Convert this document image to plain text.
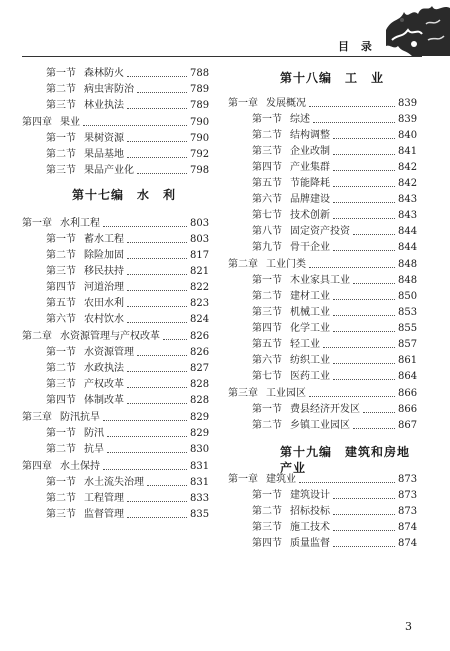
目 录
第一节 森林防火	788
第二节 病虫害防治	789
第三节 林业执法	789
第四章 果业	790
第一节 果树资源	790
第二节 果品基地	792
第三节 果品产业化	798
第十七编　水　利
第一章 水利工程	803
第一节 蓄水工程	803
第二节 除险加固	817
第三节 移民扶持	821
第四节 河道治理	822
第五节 农田水利	823
第六节 农村饮水	824
第二章 水资源管理与产权改革	826
第一节 水资源管理	826
第二节 水政执法	827
第三节 产权改革	828
第四节 体制改革	828
第三章 防汛抗旱	829
第一节 防汛	829
第二节 抗旱	830
第四章 水土保持	831
第一节 水土流失治理	831
第二节 工程管理	833
第三节 监督管理	835
第十八编　工　业
第一章 发展概况	839
第一节 综述	839
第二节 结构调整	840
第三节 企业改制	841
第四节 产业集群	842
第五节 节能降耗	842
第六节 品牌建设	843
第七节 技术创新	843
第八节 固定资产投资	844
第九节 骨干企业	844
第二章 工业门类	848
第一节 木业家具工业	848
第二节 建材工业	850
第三节 机械工业	853
第四节 化学工业	855
第五节 轻工业	857
第六节 纺织工业	861
第七节 医药工业	864
第三章 工业园区	866
第一节 费县经济开发区	866
第二节 乡镇工业园区	867
第十九编　建筑和房地产业
第一章 建筑业	873
第一节 建筑设计	873
第二节 招标投标	873
第三节 施工技术	874
第四节 质量监督	874
3
